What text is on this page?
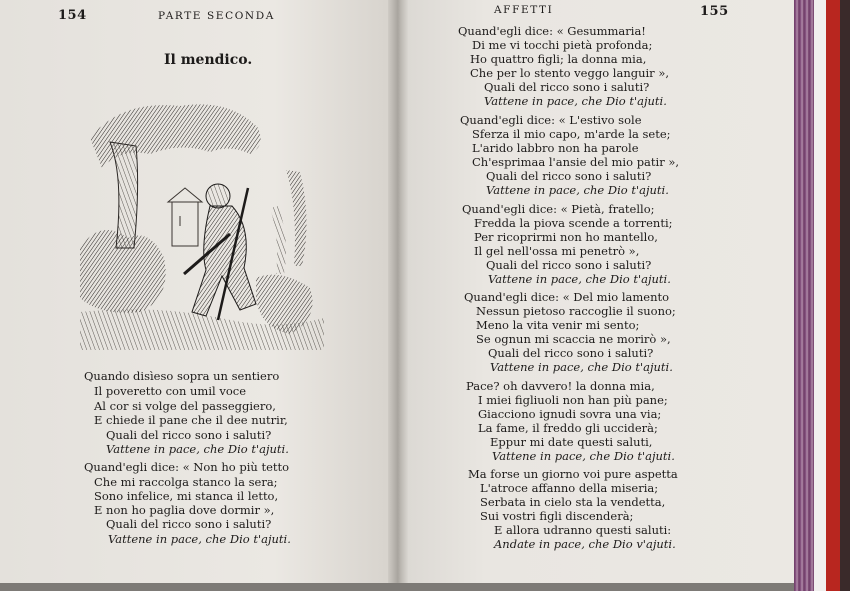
154	PARTE SECONDA
Il mendico.
Quando disìeso sopra un sentiero
Il poveretto con umil voce
Al cor si volge del passeggiero,
E chiede il pane che il dee nutrir,
Quali del ricco sono i saluti?
Vattene in pace, che Dio t'ajuti.
Quand'egli dice: « Non ho più tetto
Che mi raccolga stanco la sera;
Sono infelice, mi stanca il letto,
E non ho paglia dove dormir »,
Quali del ricco sono i saluti?
Vattene in pace, che Dio t'ajuti.
AFFETTI	155
Quand'egli dice: « Gesummaria!
Di me vi tocchi pietà profonda;
Ho quattro figli; la donna mia,
Che per lo stento veggo languir »,
Quali del ricco sono i saluti?
Vattene in pace, che Dio t'ajuti.
Quand'egli dice: « L'estivo sole
Sferza il mio capo, m'arde la sete;
L'arido labbro non ha parole
Ch'esprimaa l'ansie del mio patir »,
Quali del ricco sono i saluti?
Vattene in pace, che Dio t'ajuti.
Quand'egli dice: « Pietà, fratello;
Fredda la piova scende a torrenti;
Per ricoprirmi non ho mantello,
Il gel nell'ossa mi penetrò »,
Quali del ricco sono i saluti?
Vattene in pace, che Dio t'ajuti.
Quand'egli dice: « Del mio lamento
Nessun pietoso raccoglie il suono;
Meno la vita venir mi sento;
Se ognun mi scaccia ne morirò »,
Quali del ricco sono i saluti?
Vattene in pace, che Dio t'ajuti.
Pace? oh davvero! la donna mia,
I miei figliuoli non han più pane;
Giacciono ignudi sovra una via;
La fame, il freddo gli ucciderà;
Eppur mi date questi saluti,
Vattene in pace, che Dio t'ajuti.
Ma forse un giorno voi pure aspetta
L'atroce affanno della miseria;
Serbata in cielo sta la vendetta,
Sui vostri figli discenderà;
E allora udranno questi saluti:
Andate in pace, che Dio v'ajuti.
